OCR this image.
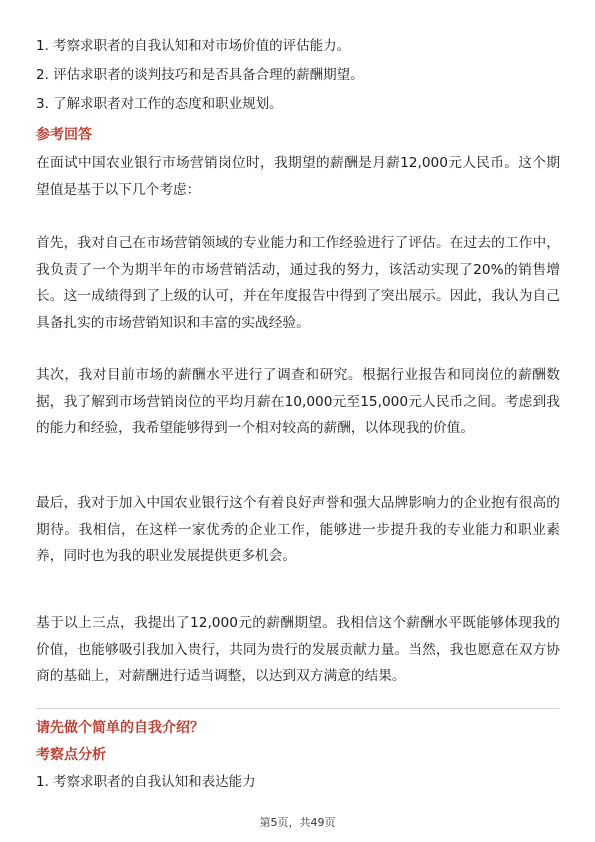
1. 考察求职者的自我认知和对市场价值的评估能力。
2. 评估求职者的谈判技巧和是否具备合理的薪酬期望。
3. 了解求职者对工作的态度和职业规划。
参考回答
在面试中国农业银行市场营销岗位时，我期望的薪酬是月薪12,000元人民币。这个期望值是基于以下几个考虑：
首先，我对自己在市场营销领域的专业能力和工作经验进行了评估。在过去的工作中，我负责了一个为期半年的市场营销活动，通过我的努力，该活动实现了20%的销售增长。这一成绩得到了上级的认可，并在年度报告中得到了突出展示。因此，我认为自己具备扎实的市场营销知识和丰富的实战经验。
其次，我对目前市场的薪酬水平进行了调查和研究。根据行业报告和同岗位的薪酬数据，我了解到市场营销岗位的平均月薪在10,000元至15,000元人民币之间。考虑到我的能力和经验，我希望能够得到一个相对较高的薪酬，以体现我的价值。
最后，我对于加入中国农业银行这个有着良好声誉和强大品牌影响力的企业抱有很高的期待。我相信，在这样一家优秀的企业工作，能够进一步提升我的专业能力和职业素养，同时也为我的职业发展提供更多机会。
基于以上三点，我提出了12,000元的薪酬期望。我相信这个薪酬水平既能够体现我的价值，也能够吸引我加入贵行，共同为贵行的发展贡献力量。当然，我也愿意在双方协商的基础上，对薪酬进行适当调整，以达到双方满意的结果。
请先做个简单的自我介绍？
考察点分析
1. 考察求职者的自我认知和表达能力
第5页，共49页
